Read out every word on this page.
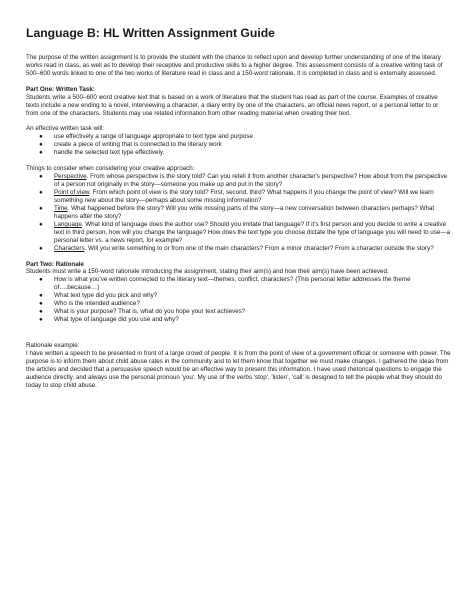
Language B: HL Written Assignment Guide

The purpose of the written assignment is to provide the student with the chance to reflect upon and develop further understanding of one of the literary works read in class, as well as to develop their receptive and productive skills to a higher degree. This assessment consists of a creative writing task of 500–600 words linked to one of the two works of literature read in class and a 150-word rationale. It is completed in class and is externally assessed.

Part One: Written Task:

Students write a 500–600 word creative text that is based on a work of literature that the student has read as part of the course. Examples of creative texts include a new ending to a novel, interviewing a character, a diary entry by one of the characters, an official news report, or a personal letter to or from one of the characters. Students may use related information from other reading material when creating their text.

An effective written task will:

● use effectively a range of language appropriate to text type and purpose
● create a piece of writing that is connected to the literary work
● handle the selected text type effectively.

Things to consider when considering your creative approach:

● Perspective. From whose perspective is the story told? Can you retell it from another character's perspective? How about from the perspective of a person not originally in the story—someone you make up and put in the story?
● Point of view. From which point of view is the story told? First, second, third? What happens if you change the point of view? Will we learn something new about the story—perhaps about some missing information?
● Time. What happened before the story? Will you write missing parts of the story—a new conversation between characters perhaps? What happens after the story?
● Language. What kind of language does the author use? Should you imitate that language? If it's first person and you decide to write a creative text in third person, how will you change the language? How does the text type you choose dictate the type of language you will need to use—a personal letter vs. a news report, for example?
● Characters. Will you write something to or from one of the main characters? From a minor character? From a character outside the story?

Part Two: Rationale

Students must write a 150-word rationale introducing the assignment, stating their aim(s) and how their aim(s) have been achieved.

● How is what you've written connected to the literary text—themes, conflict, characters? (This personal letter addresses the theme of….because…)
● What text type did you pick and why?
● Who is the intended audience?
● What is your purpose? That is, what do you hope your text achieves?
● What type of language did you use and why?

Rationale example:

I have written a speech to be presented in front of a large crowd of people. It is from the point of view of a government official or someone with power. The purpose is to inform them about child abuse rates in the community and to let them know that together we must make changes. I gathered the ideas from the articles and decided that a persuasive speech would be an effective way to present this information. I have used rhetorical questions to engage the audience directly, and always use the personal pronoun 'you'. My use of the verbs 'stop', 'listen', 'call' is designed to tell the people what they should do today to stop child abuse.
